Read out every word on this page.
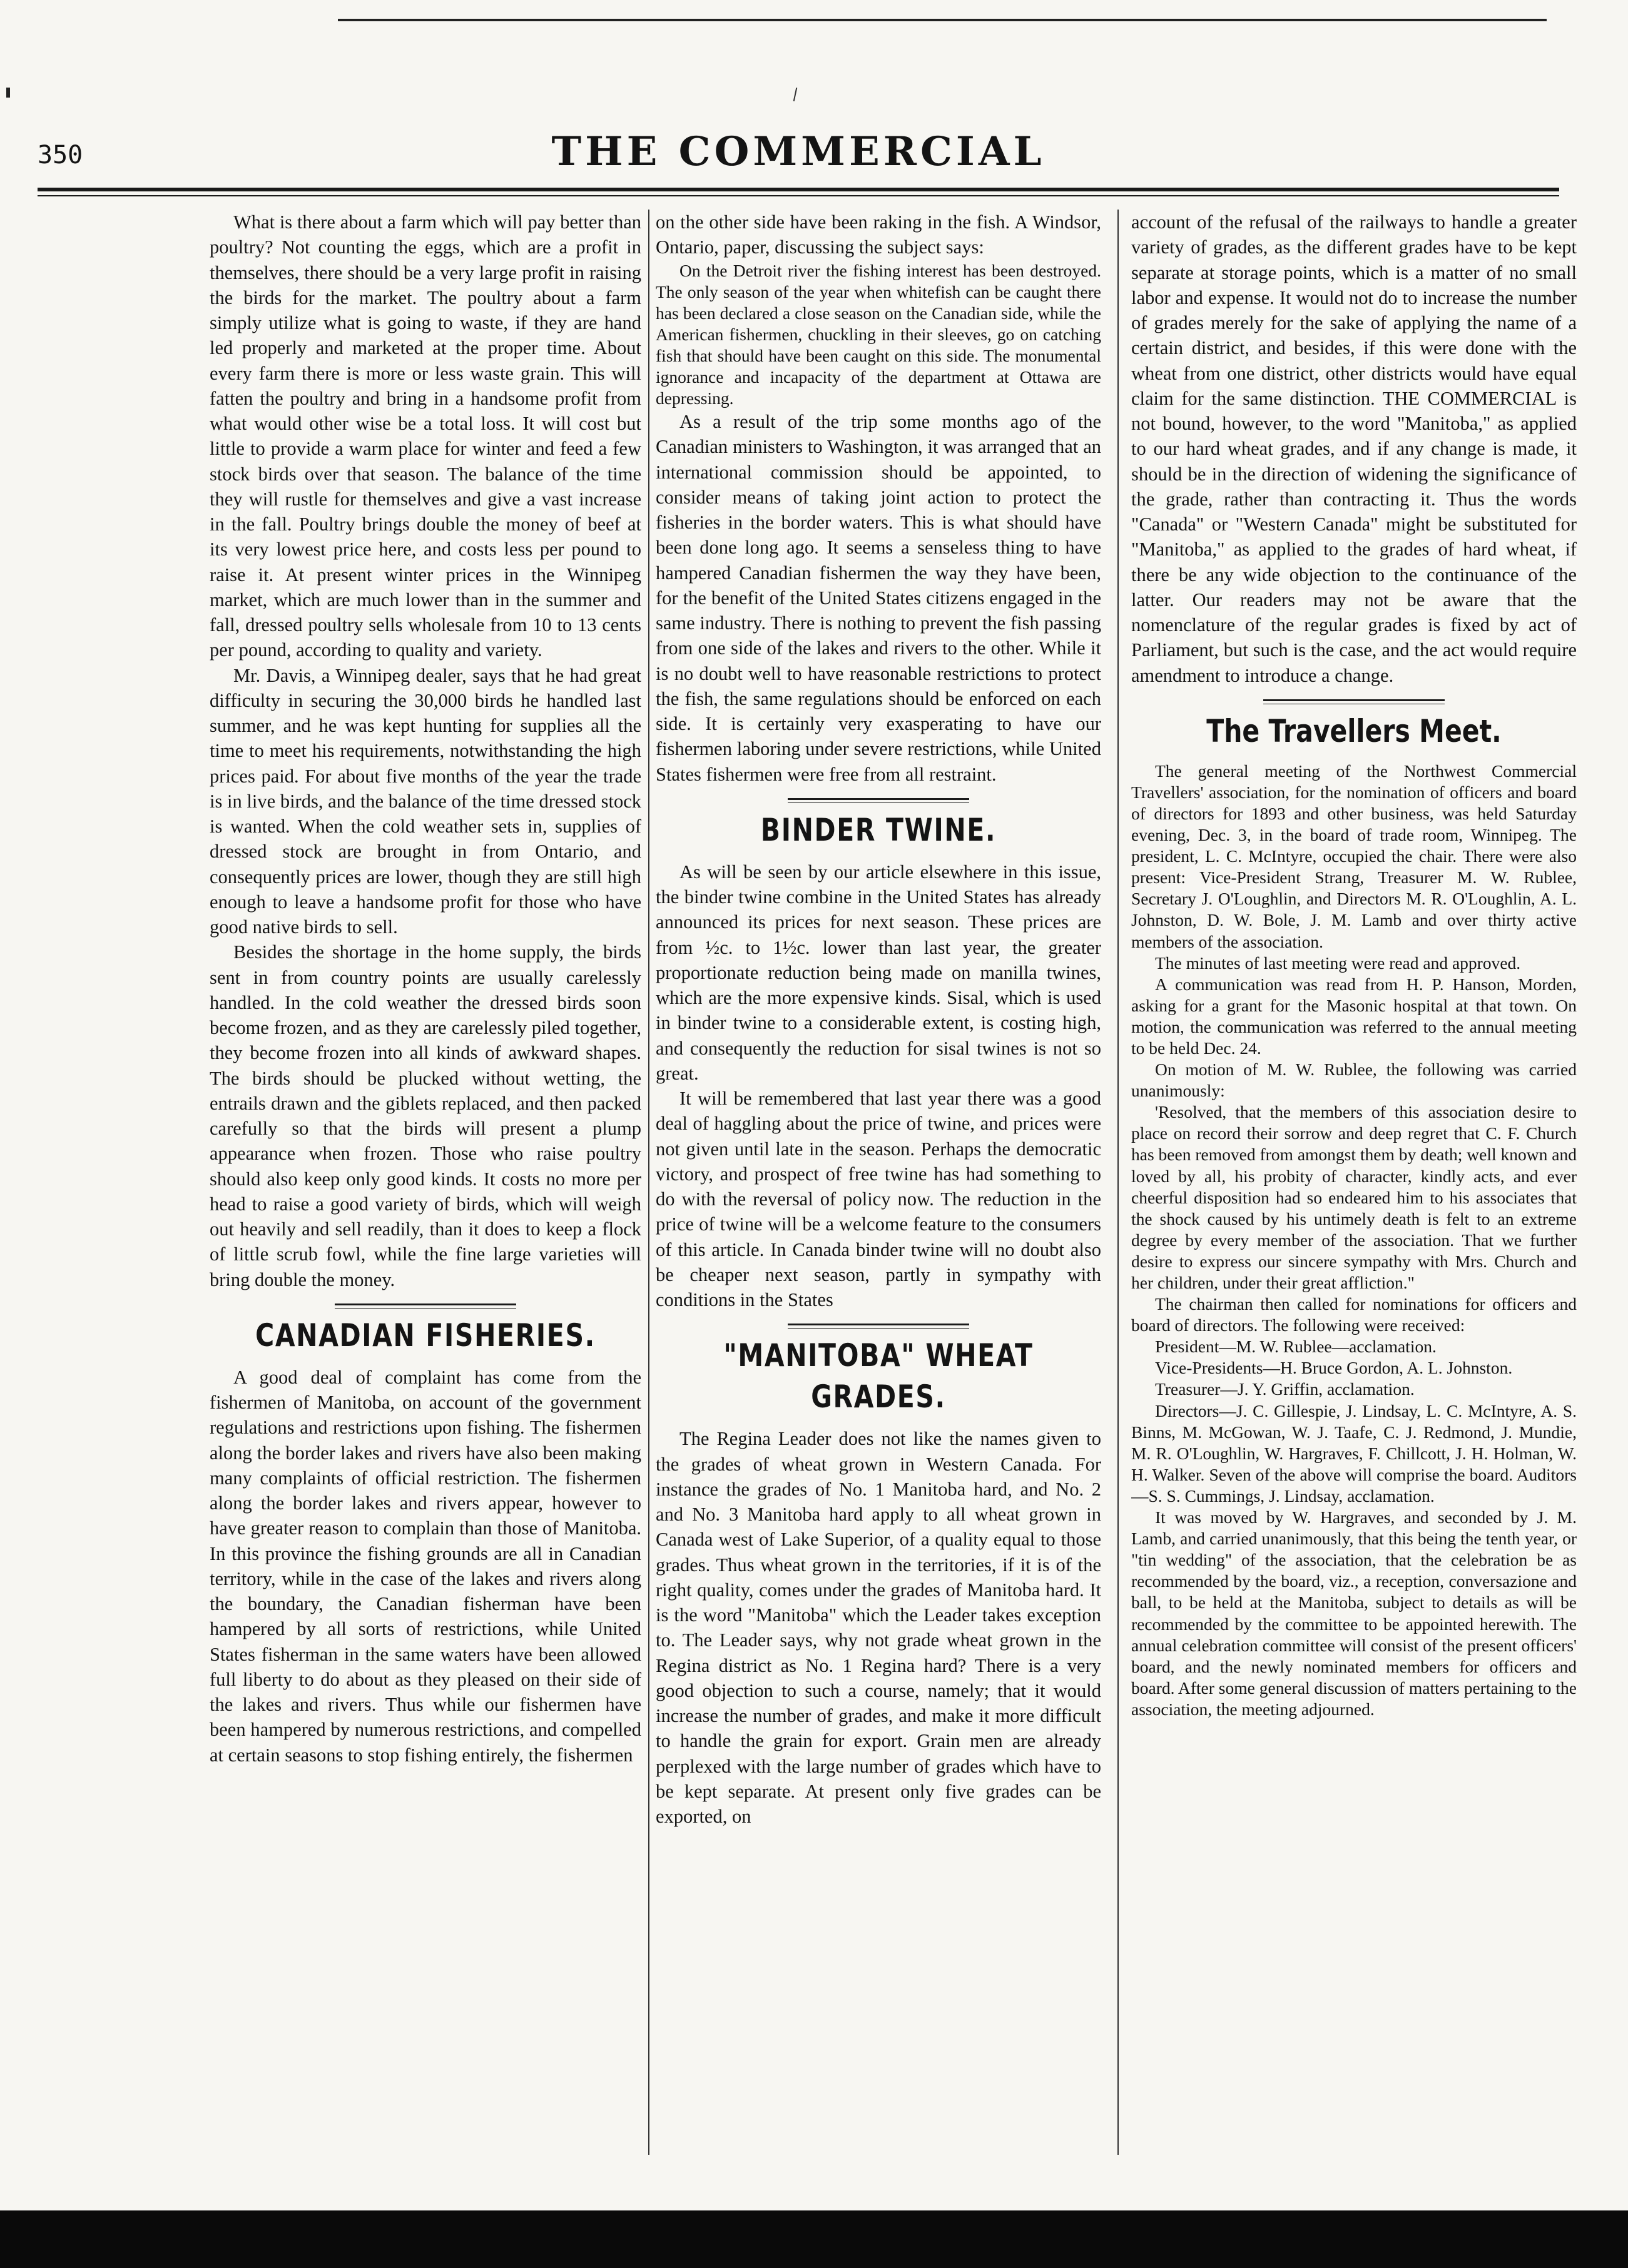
350	THE COMMERCIAL

What is there about a farm which will pay better than poultry? Not counting the eggs, which are a profit in themselves, there should be a very large profit in raising the birds for the market. The poultry about a farm simply utilize what is going to waste, if they are hand led properly and marketed at the proper time. About every farm there is more or less waste grain. This will fatten the poultry and bring in a handsome profit from what would other wise be a total loss. It will cost but little to provide a warm place for winter and feed a few stock birds over that season. The balance of the time they will rustle for themselves and give a vast increase in the fall. Poultry brings double the money of beef at its very lowest price here, and costs less per pound to raise it. At present winter prices in the Winnipeg market, which are much lower than in the summer and fall, dressed poultry sells wholesale from 10 to 13 cents per pound, according to quality and variety.

Mr. Davis, a Winnipeg dealer, says that he had great difficulty in securing the 30,000 birds he handled last summer, and he was kept hunting for supplies all the time to meet his requirements, notwithstanding the high prices paid. For about five months of the year the trade is in live birds, and the balance of the time dressed stock is wanted. When the cold weather sets in, supplies of dressed stock are brought in from Ontario, and consequently prices are lower, though they are still high enough to leave a handsome profit for those who have good native birds to sell.

Besides the shortage in the home supply, the birds sent in from country points are usually carelessly handled. In the cold weather the dressed birds soon become frozen, and as they are carelessly piled together, they become frozen into all kinds of awkward shapes. The birds should be plucked without wetting, the entrails drawn and the giblets replaced, and then packed carefully so that the birds will present a plump appearance when frozen. Those who raise poultry should also keep only good kinds. It costs no more per head to raise a good variety of birds, which will weigh out heavily and sell readily, than it does to keep a flock of little scrub fowl, while the fine large varieties will bring double the money.

CANADIAN FISHERIES.

A good deal of complaint has come from the fishermen of Manitoba, on account of the government regulations and restrictions upon fishing. The fishermen along the border lakes and rivers have also been making many complaints of official restriction. The fishermen along the border lakes and rivers appear, however to have greater reason to complain than those of Manitoba. In this province the fishing grounds are all in Canadian territory, while in the case of the lakes and rivers along the boundary, the Canadian fisherman have been hampered by all sorts of restrictions, while United States fisherman in the same waters have been allowed full liberty to do about as they pleased on their side of the lakes and rivers. Thus while our fishermen have been hampered by numerous restrictions, and compelled at certain seasons to stop fishing entirely, the fishermen

on the other side have been raking in the fish. A Windsor, Ontario, paper, discussing the subject says:

On the Detroit river the fishing interest has been destroyed. The only season of the year when whitefish can be caught there has been declared a close season on the Canadian side, while the American fishermen, chuckling in their sleeves, go on catching fish that should have been caught on this side. The monumental ignorance and incapacity of the department at Ottawa are depressing.

As a result of the trip some months ago of the Canadian ministers to Washington, it was arranged that an international commission should be appointed, to consider means of taking joint action to protect the fisheries in the border waters. This is what should have been done long ago. It seems a senseless thing to have hampered Canadian fishermen the way they have been, for the benefit of the United States citizens engaged in the same industry. There is nothing to prevent the fish passing from one side of the lakes and rivers to the other. While it is no doubt well to have reasonable restrictions to protect the fish, the same regulations should be enforced on each side. It is certainly very exasperating to have our fishermen laboring under severe restrictions, while United States fishermen were free from all restraint.

BINDER TWINE.

As will be seen by our article elsewhere in this issue, the binder twine combine in the United States has already announced its prices for next season. These prices are from ½c. to 1½c. lower than last year, the greater proportionate reduction being made on manilla twines, which are the more expensive kinds. Sisal, which is used in binder twine to a considerable extent, is costing high, and consequently the reduction for sisal twines is not so great.

It will be remembered that last year there was a good deal of haggling about the price of twine, and prices were not given until late in the season. Perhaps the democratic victory, and prospect of free twine has had something to do with the reversal of policy now. The reduction in the price of twine will be a welcome feature to the consumers of this article. In Canada binder twine will no doubt also be cheaper next season, partly in sympathy with conditions in the States

"MANITOBA" WHEAT GRADES.

The Regina Leader does not like the names given to the grades of wheat grown in Western Canada. For instance the grades of No. 1 Manitoba hard, and No. 2 and No. 3 Manitoba hard apply to all wheat grown in Canada west of Lake Superior, of a quality equal to those grades. Thus wheat grown in the territories, if it is of the right quality, comes under the grades of Manitoba hard. It is the word "Manitoba" which the Leader takes exception to. The Leader says, why not grade wheat grown in the Regina district as No. 1 Regina hard? There is a very good objection to such a course, namely; that it would increase the number of grades, and make it more difficult to handle the grain for export. Grain men are already perplexed with the large number of grades which have to be kept separate. At present only five grades can be exported, on

account of the refusal of the railways to handle a greater variety of grades, as the different grades have to be kept separate at storage points, which is a matter of no small labor and expense. It would not do to increase the number of grades merely for the sake of applying the name of a certain district, and besides, if this were done with the wheat from one district, other districts would have equal claim for the same distinction. THE COMMERCIAL is not bound, however, to the word "Manitoba," as applied to our hard wheat grades, and if any change is made, it should be in the direction of widening the significance of the grade, rather than contracting it. Thus the words "Canada" or "Western Canada" might be substituted for "Manitoba," as applied to the grades of hard wheat, if there be any wide objection to the continuance of the latter. Our readers may not be aware that the nomenclature of the regular grades is fixed by act of Parliament, but such is the case, and the act would require amendment to introduce a change.

The Travellers Meet.

The general meeting of the Northwest Commercial Travellers' association, for the nomination of officers and board of directors for 1893 and other business, was held Saturday evening, Dec. 3, in the board of trade room, Winnipeg. The president, L. C. McIntyre, occupied the chair. There were also present: Vice-President Strang, Treasurer M. W. Rublee, Secretary J. O'Loughlin, and Directors M. R. O'Loughlin, A. L. Johnston, D. W. Bole, J. M. Lamb and over thirty active members of the association.

The minutes of last meeting were read and approved.

A communication was read from H. P. Hanson, Morden, asking for a grant for the Masonic hospital at that town. On motion, the communication was referred to the annual meeting to be held Dec. 24.

On motion of M. W. Rublee, the following was carried unanimously:

'Resolved, that the members of this association desire to place on record their sorrow and deep regret that C. F. Church has been removed from amongst them by death; well known and loved by all, his probity of character, kindly acts, and ever cheerful disposition had so endeared him to his associates that the shock caused by his untimely death is felt to an extreme degree by every member of the association. That we further desire to express our sincere sympathy with Mrs. Church and her children, under their great affliction."

The chairman then called for nominations for officers and board of directors. The following were received:

President—M. W. Rublee—acclamation.

Vice-Presidents—H. Bruce Gordon, A. L. Johnston.

Treasurer—J. Y. Griffin, acclamation.

Directors—J. C. Gillespie, J. Lindsay, L. C. McIntyre, A. S. Binns, M. McGowan, W. J. Taafe, C. J. Redmond, J. Mundie, M. R. O'Loughlin, W. Hargraves, F. Chillcott, J. H. Holman, W. H. Walker. Seven of the above will comprise the board. Auditors—S. S. Cummings, J. Lindsay, acclamation.

It was moved by W. Hargraves, and seconded by J. M. Lamb, and carried unanimously, that this being the tenth year, or "tin wedding" of the association, that the celebration be as recommended by the board, viz., a reception, conversazione and ball, to be held at the Manitoba, subject to details as will be recommended by the committee to be appointed herewith. The annual celebration committee will consist of the present officers' board, and the newly nominated members for officers and board. After some general discussion of matters pertaining to the association, the meeting adjourned.
